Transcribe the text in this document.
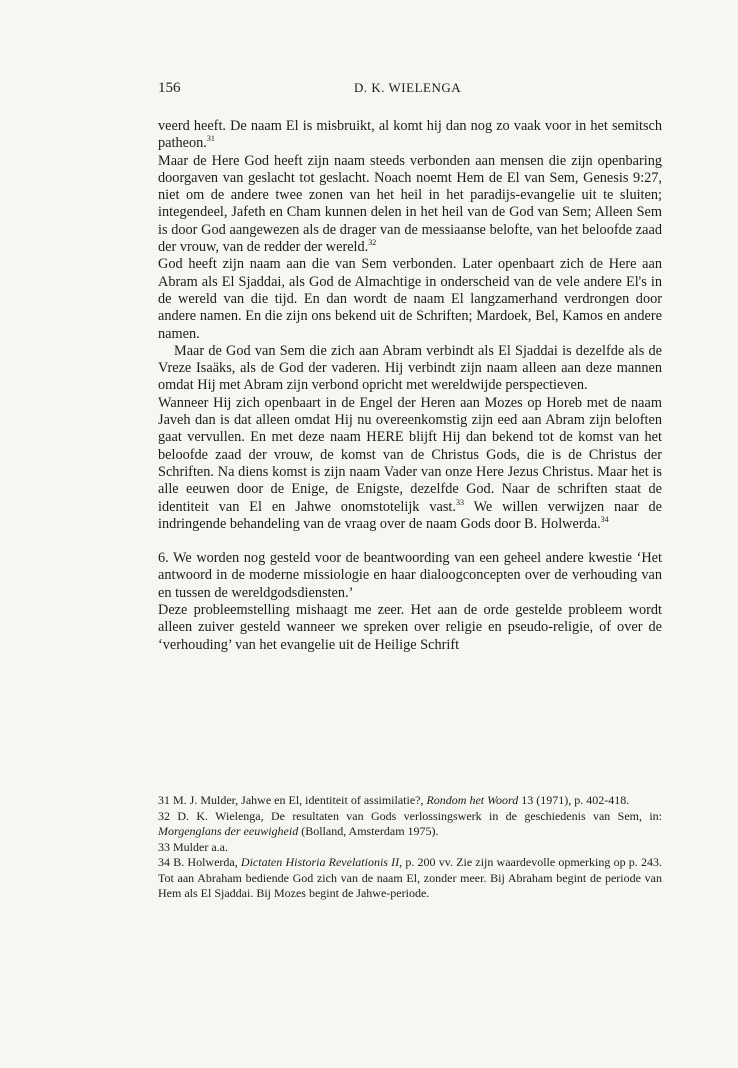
156	D. K. WIELENGA

veerd heeft. De naam El is misbruikt, al komt hij dan nog zo vaak voor in het semitsch patheon.$^{31}$

Maar de Here God heeft zijn naam steeds verbonden aan mensen die zijn openbaring doorgaven van geslacht tot geslacht. Noach noemt Hem de El van Sem, Genesis 9:27, niet om de andere twee zonen van het heil in het paradijs-evangelie uit te sluiten; integendeel, Jafeth en Cham kunnen delen in het heil van de God van Sem; Alleen Sem is door God aangewezen als de drager van de messiaanse belofte, van het beloofde zaad der vrouw, van de redder der wereld.$^{32}$

God heeft zijn naam aan die van Sem verbonden. Later openbaart zich de Here aan Abram als El Sjaddai, als God de Almachtige in onderscheid van de vele andere El's in de wereld van die tijd. En dan wordt de naam El langzamerhand verdrongen door andere namen. En die zijn ons bekend uit de Schriften; Mardoek, Bel, Kamos en andere namen.

Maar de God van Sem die zich aan Abram verbindt als El Sjaddai is dezelfde als de Vreze Isaäks, als de God der vaderen. Hij verbindt zijn naam alleen aan deze mannen omdat Hij met Abram zijn verbond opricht met wereldwijde perspectieven.

Wanneer Hij zich openbaart in de Engel der Heren aan Mozes op Horeb met de naam Javeh dan is dat alleen omdat Hij nu overeenkomstig zijn eed aan Abram zijn beloften gaat vervullen. En met deze naam HERE blijft Hij dan bekend tot de komst van het beloofde zaad der vrouw, de komst van de Christus Gods, die is de Christus der Schriften. Na diens komst is zijn naam Vader van onze Here Jezus Christus. Maar het is alle eeuwen door de Enige, de Enigste, dezelfde God. Naar de schriften staat de identiteit van El en Jahwe onomstotelijk vast.$^{33}$ We willen verwijzen naar de indringende behandeling van de vraag over de naam Gods door B. Holwerda.$^{34}$

6. We worden nog gesteld voor de beantwoording van een geheel andere kwestie ‘Het antwoord in de moderne missiologie en haar dialoogconcepten over de verhouding van en tussen de wereldgodsdiensten.’

Deze probleemstelling mishaagt me zeer. Het aan de orde gestelde probleem wordt alleen zuiver gesteld wanneer we spreken over religie en pseudo-religie, of over de ‘verhouding’ van het evangelie uit de Heilige Schrift

31 M. J. Mulder, Jahwe en El, identiteit of assimilatie?, Rondom het Woord 13 (1971), p. 402-418.

32 D. K. Wielenga, De resultaten van Gods verlossingswerk in de geschiedenis van Sem, in: Morgenglans der eeuwigheid (Bolland, Amsterdam 1975).

33 Mulder a.a.

34 B. Holwerda, Dictaten Historia Revelationis II, p. 200 vv. Zie zijn waardevolle opmerking op p. 243. Tot aan Abraham bediende God zich van de naam El, zonder meer. Bij Abraham begint de periode van Hem als El Sjaddai. Bij Mozes begint de Jahwe-periode.
